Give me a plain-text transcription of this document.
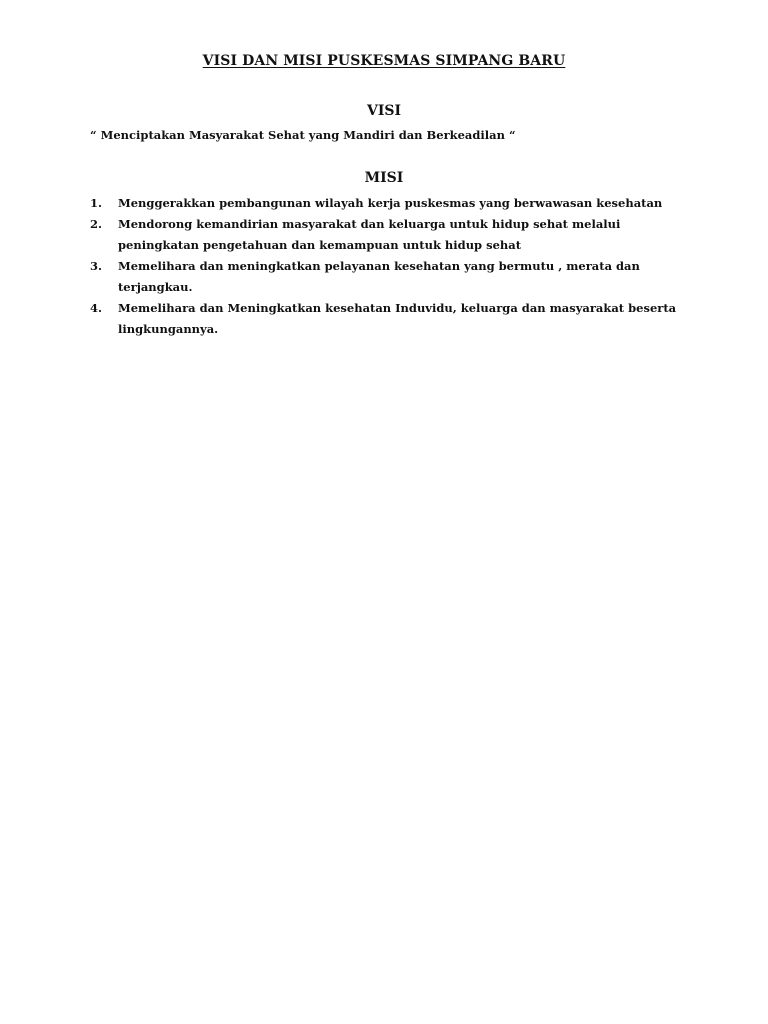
VISI DAN MISI PUSKESMAS SIMPANG BARU
VISI
“ Menciptakan Masyarakat Sehat yang Mandiri dan Berkeadilan “
MISI
1. Menggerakkan pembangunan wilayah kerja puskesmas yang berwawasan kesehatan
2. Mendorong kemandirian masyarakat dan keluarga untuk hidup sehat melalui peningkatan pengetahuan dan kemampuan untuk hidup sehat
3. Memelihara dan meningkatkan pelayanan kesehatan yang bermutu , merata dan terjangkau.
4. Memelihara dan Meningkatkan kesehatan Induvidu, keluarga dan masyarakat beserta lingkungannya.
